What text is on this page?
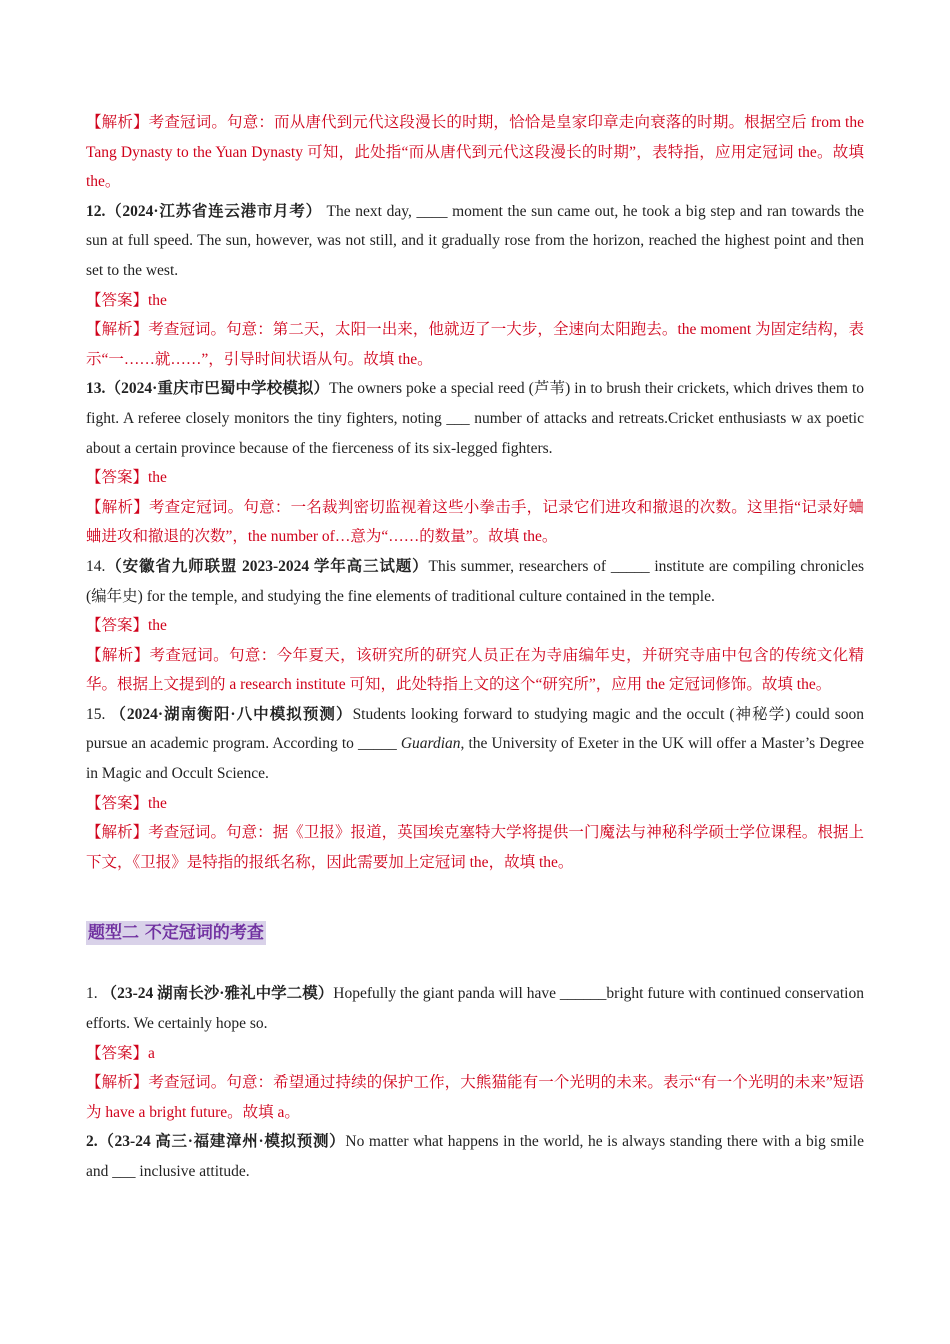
【解析】考查冠词。句意：而从唐代到元代这段漫长的时期，恰恰是皇家印章走向衰落的时期。根据空后 from the Tang Dynasty to the Yuan Dynasty 可知，此处指“而从唐代到元代这段漫长的时期”，表特指，应用定冠词 the。故填 the。

12.（2024·江苏省连云港市月考） The next day, ____ moment the sun came out, he took a big step and ran towards the sun at full speed. The sun, however, was not still, and it gradually rose from the horizon, reached the highest point and then set to the west.

【答案】the

【解析】考查冠词。句意：第二天，太阳一出来，他就迈了一大步，全速向太阳跑去。the moment 为固定结构，表示“一……就……”，引导时间状语从句。故填 the。

13.（2024·重庆市巴蜀中学校模拟）The owners poke a special reed (芦苇) in to brush their crickets, which drives them to fight. A referee closely monitors the tiny fighters, noting ___ number of attacks and retreats.Cricket enthusiasts w ax poetic about a certain province because of the fierceness of its six-legged fighters.

【答案】the

【解析】考查定冠词。句意：一名裁判密切监视着这些小拳击手，记录它们进攻和撤退的次数。这里指“记录好蛐蛐进攻和撤退的次数”，the number of…意为“……的数量”。故填 the。

14.（安徽省九师联盟 2023-2024 学年高三试题）This summer, researchers of _____ institute are compiling chronicles (编年史) for the temple, and studying the fine elements of traditional culture contained in the temple.

【答案】the

【解析】考查冠词。句意：今年夏天，该研究所的研究人员正在为寺庙编年史，并研究寺庙中包含的传统文化精华。根据上文提到的 a research institute 可知，此处特指上文的这个“研究所”，应用 the 定冠词修饰。故填 the。

15. （2024·湖南衡阳·八中模拟预测）Students looking forward to studying magic and the occult (神秘学) could soon pursue an academic program. According to _____ Guardian, the University of Exeter in the UK will offer a Master’s Degree in Magic and Occult Science.

【答案】the

【解析】考查冠词。句意：据《卫报》报道，英国埃克塞特大学将提供一门魔法与神秘科学硕士学位课程。根据上下文，《卫报》是特指的报纸名称，因此需要加上定冠词 the，故填 the。

题型二 不定冠词的考查

1. （23-24 湖南长沙·雅礼中学二模）Hopefully the giant panda will have ______bright future with continued conservation efforts. We certainly hope so.

【答案】a

【解析】考查冠词。句意：希望通过持续的保护工作，大熊猫能有一个光明的未来。表示“有一个光明的未来”短语为 have a bright future。故填 a。

2.（23-24 高三·福建漳州·模拟预测）No matter what happens in the world, he is always standing there with a big smile and ___ inclusive attitude.
